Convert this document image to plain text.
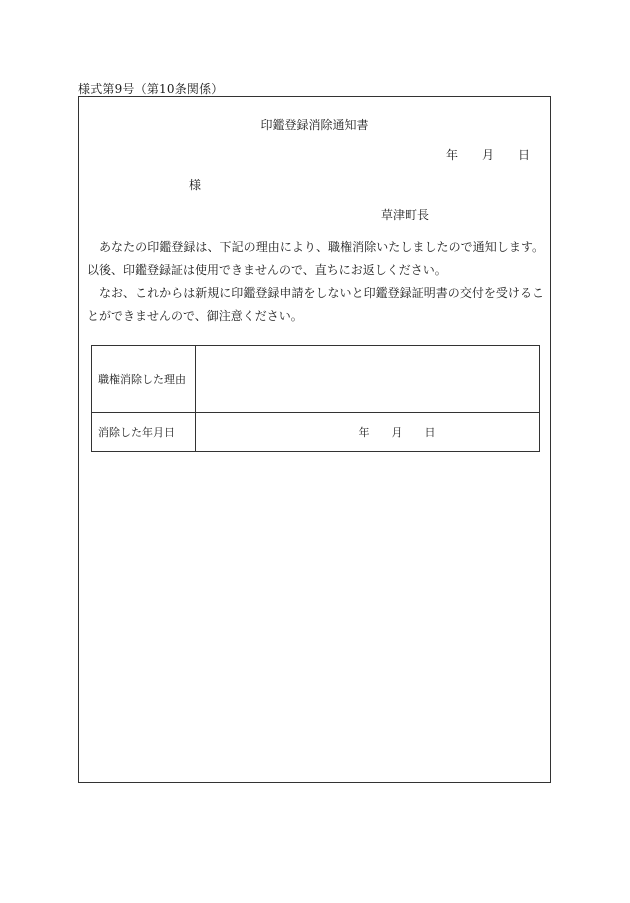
様式第9号（第10条関係）
印鑑登録消除通知書
年　　月　　日
様
草津町長

あなたの印鑑登録は、下記の理由により、職権消除いたしましたので通知します。以後、印鑑登録証は使用できませんので、直ちにお返しください。

なお、これからは新規に印鑑登録申請をしないと印鑑登録証明書の交付を受けることができませんので、御注意ください。

職権消除した理由	
消除した年月日	年　　月　　日
